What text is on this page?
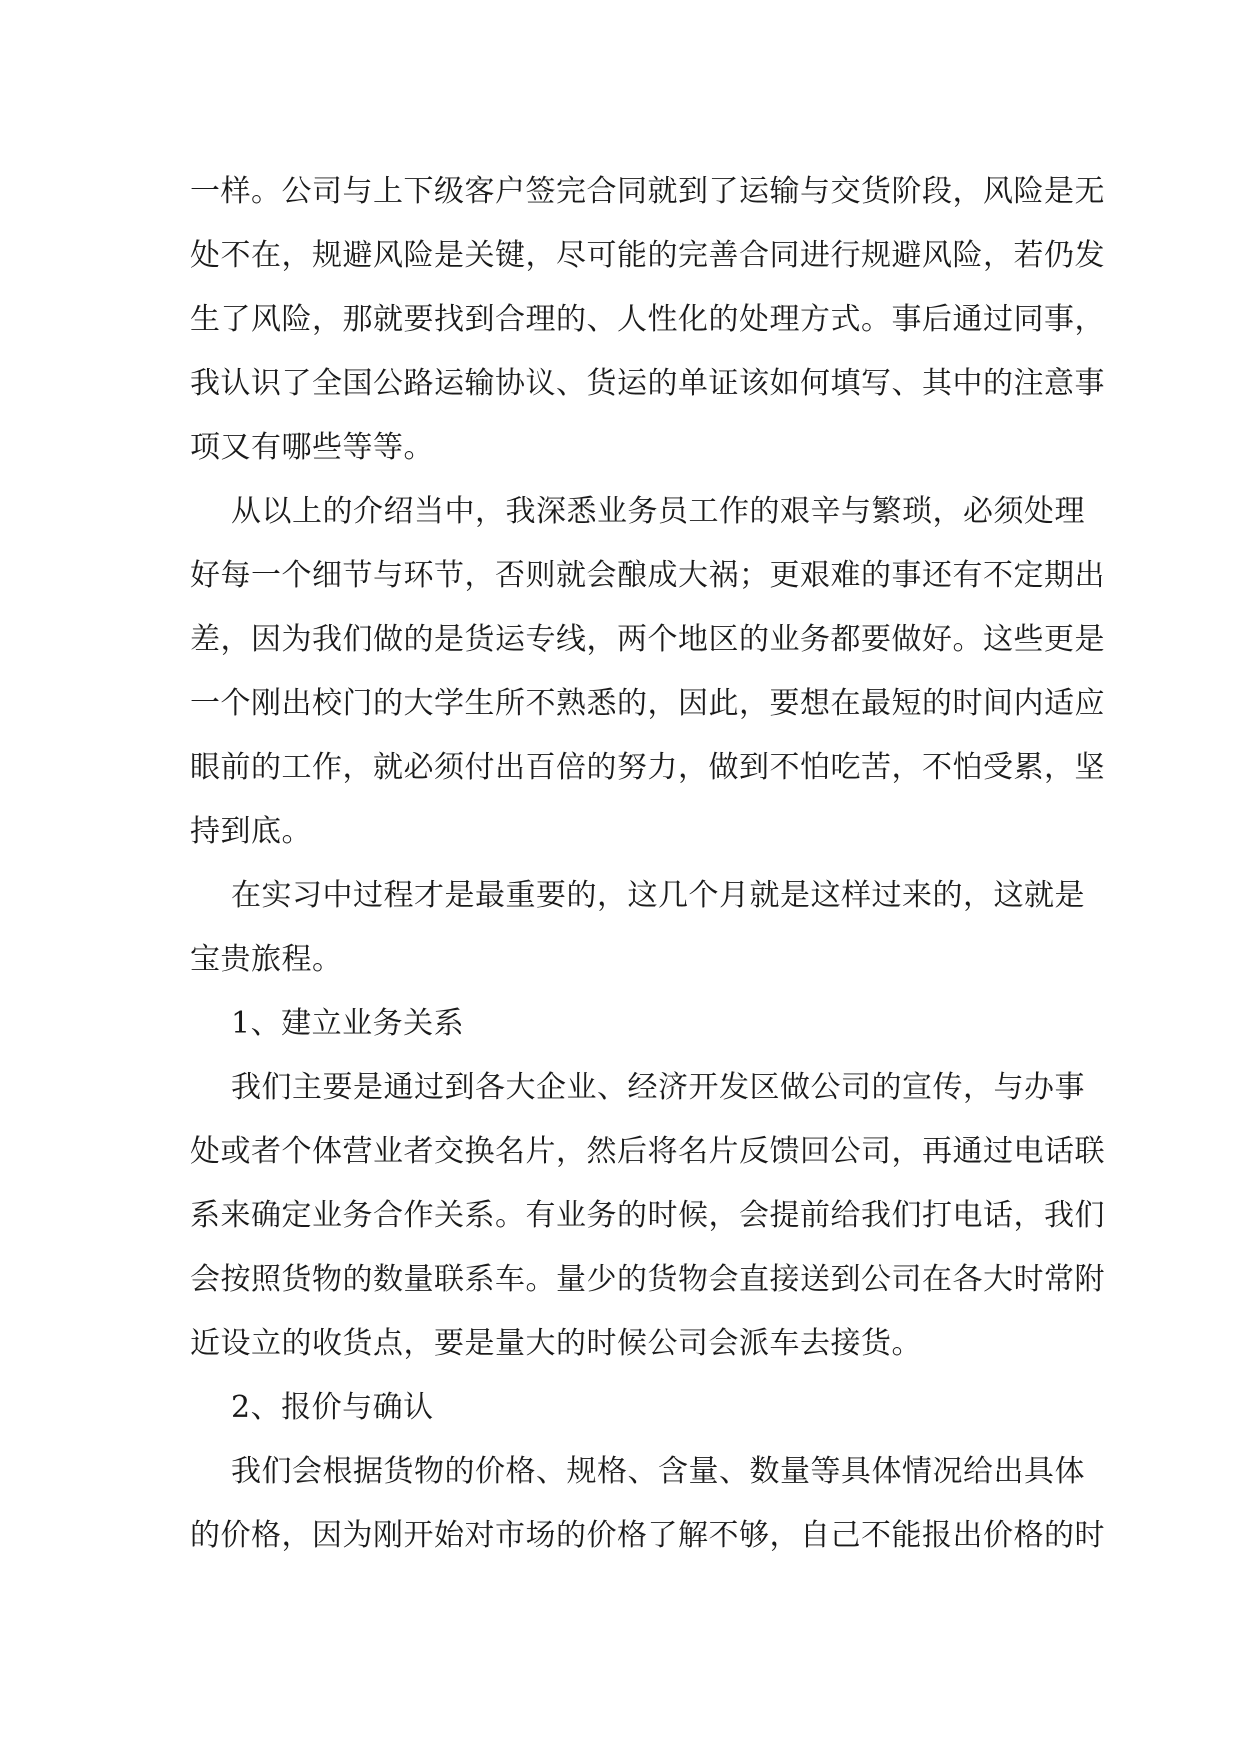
一样。公司与上下级客户签完合同就到了运输与交货阶段，风险是无
处不在，规避风险是关键，尽可能的完善合同进行规避风险，若仍发
生了风险，那就要找到合理的、人性化的处理方式。事后通过同事，
我认识了全国公路运输协议、货运的单证该如何填写、其中的注意事
项又有哪些等等。
从以上的介绍当中，我深悉业务员工作的艰辛与繁琐，必须处理
好每一个细节与环节，否则就会酿成大祸；更艰难的事还有不定期出
差，因为我们做的是货运专线，两个地区的业务都要做好。这些更是
一个刚出校门的大学生所不熟悉的，因此，要想在最短的时间内适应
眼前的工作，就必须付出百倍的努力，做到不怕吃苦，不怕受累，坚
持到底。
在实习中过程才是最重要的，这几个月就是这样过来的，这就是
宝贵旅程。
1、建立业务关系
我们主要是通过到各大企业、经济开发区做公司的宣传，与办事
处或者个体营业者交换名片，然后将名片反馈回公司，再通过电话联
系来确定业务合作关系。有业务的时候，会提前给我们打电话，我们
会按照货物的数量联系车。量少的货物会直接送到公司在各大时常附
近设立的收货点，要是量大的时候公司会派车去接货。
2、报价与确认
我们会根据货物的价格、规格、含量、数量等具体情况给出具体
的价格，因为刚开始对市场的价格了解不够，自己不能报出价格的时
